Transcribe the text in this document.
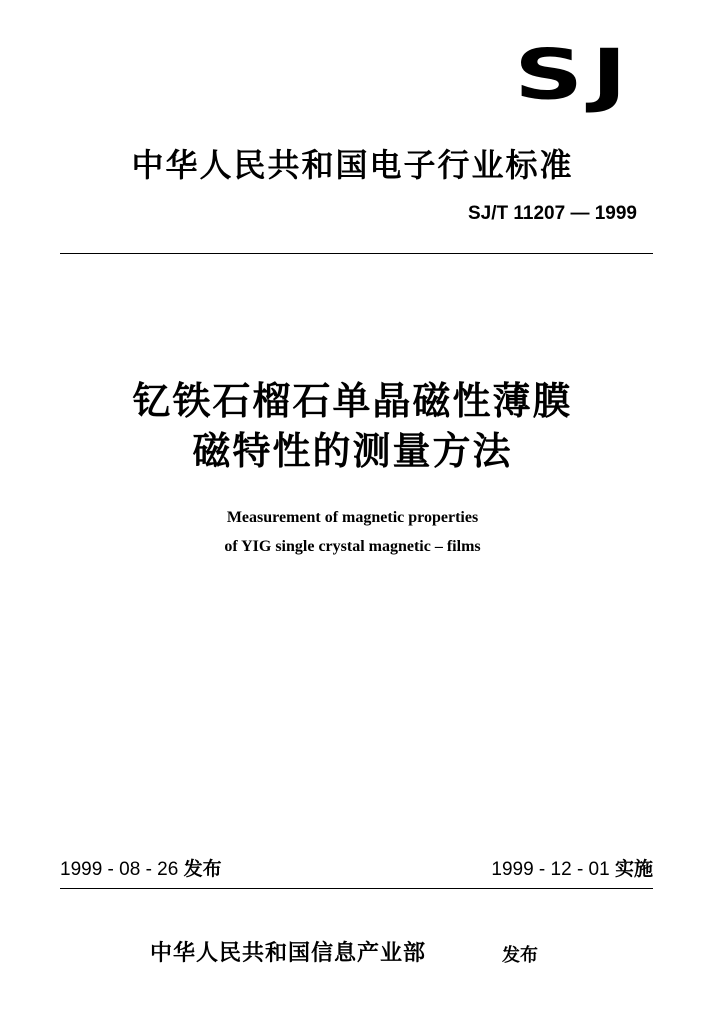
SJ
中华人民共和国电子行业标准
SJ/T 11207 — 1999
钇铁石榴石单晶磁性薄膜
磁特性的测量方法
Measurement of magnetic properties
of YIG single crystal magnetic – films
1999 - 08 - 26 发布	1999 - 12 - 01 实施
中华人民共和国信息产业部	发布
